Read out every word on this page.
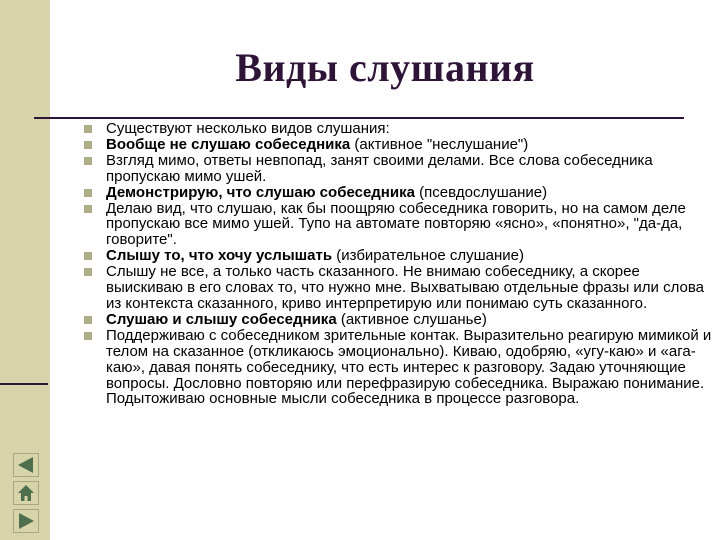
Виды слушания
Существуют несколько видов слушания:
Вообще не слушаю собеседника (активное "неслушание")
Взгляд мимо, ответы невпопад, занят своими делами. Все слова собеседника пропускаю мимо ушей.
Демонстрирую, что слушаю собеседника (псевдослушание)
Делаю вид, что слушаю, как бы поощряю собеседника говорить, но на самом деле пропускаю все мимо ушей. Тупо на автомате повторяю «ясно», «понятно», "да-да, говорите".
Слышу то, что хочу услышать (избирательное слушание)
Слышу не все, а только часть сказанного. Не внимаю собеседнику, а скорее выискиваю в его словах то, что нужно мне. Выхватываю отдельные фразы или слова из контекста сказанного, криво интерпретирую или понимаю суть сказанного.
Слушаю и слышу собеседника (активное слушанье)
Поддерживаю с собеседником зрительные контак. Выразительно реагирую мимикой и телом на сказанное (откликаюсь эмоционально). Киваю, одобряю, «угу-каю» и «ага-каю», давая понять собеседнику, что есть интерес к разговору. Задаю уточняющие вопросы. Дословно повторяю или перефразирую собеседника. Выражаю понимание. Подытоживаю основные мысли собеседника в процессе разговора.
